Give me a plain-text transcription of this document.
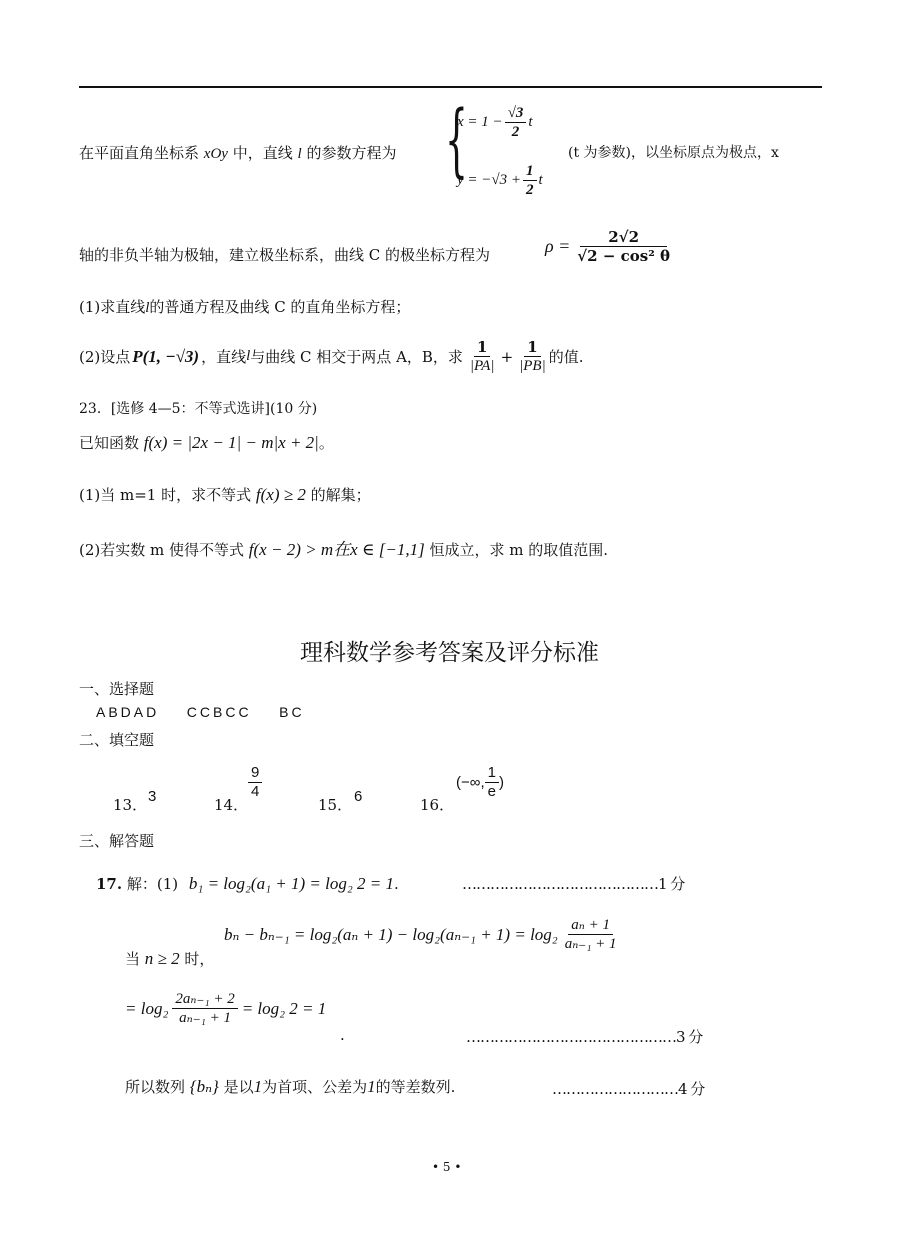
在平面直角坐标系 xOy 中，直线 l 的参数方程为 {
$x = 1 - \frac{√3}{2}$ t
$y = -√3 + \frac{1}{2}$ t
(t 为参数)，以坐标原点为极点，x
轴的非负半轴为极轴，建立极坐标系，曲线 C 的极坐标方程为	$\rho = \frac{2√2}{\text{√2 − cos² θ}}$
(1)求直线l的普通方程及曲线 C 的直角坐标方程；
(2)设点 P(1, −√3) ，直线 l 与曲线 C 相交于两点 A，B，求 $\frac{1}{|PA|} + \frac{1}{|PB|}$ 的值.
23．[选修 4—5：不等式选讲](10 分)
已知函数 f(x) = |2x − 1| − m|x + 2|。
(1)当 m=1 时，求不等式 f(x) ≥ 2 的解集；
(2)若实数 m 使得不等式 f(x − 2) > m在x ∈ [−1,1] 恒成立，求 m 的取值范围.
理科数学参考答案及评分标准
一、选择题
ABDAD    CCBCC    BC
二、填空题
13． 3	14．
$\frac{9}{4}$
15． 6	16．
(−∞, $\frac{1}{e}$ )
三、解答题
17. 解：(1) b₁ = log₂(a₁ + 1) = log₂ 2 = 1.	……………………………………1 分
$b_n - b_{n-1} = \log_2(a_n + 1) - \log_2(a_{n-1} + 1) = \log_2 \frac{\text{aₙ + 1}}{\text{aₙ₋₁ + 1}}$
当 n ≥ 2 时，
= $\log_2 \frac{\text{2aₙ₋₁ + 2}}{\text{aₙ₋₁ + 1}} = \log_2$ 2 = 1
.	………………………………………3 分
所以数列 {bₙ} 是以1为首项、公差为1的等差数列.	………………………4 分
• 5 •
